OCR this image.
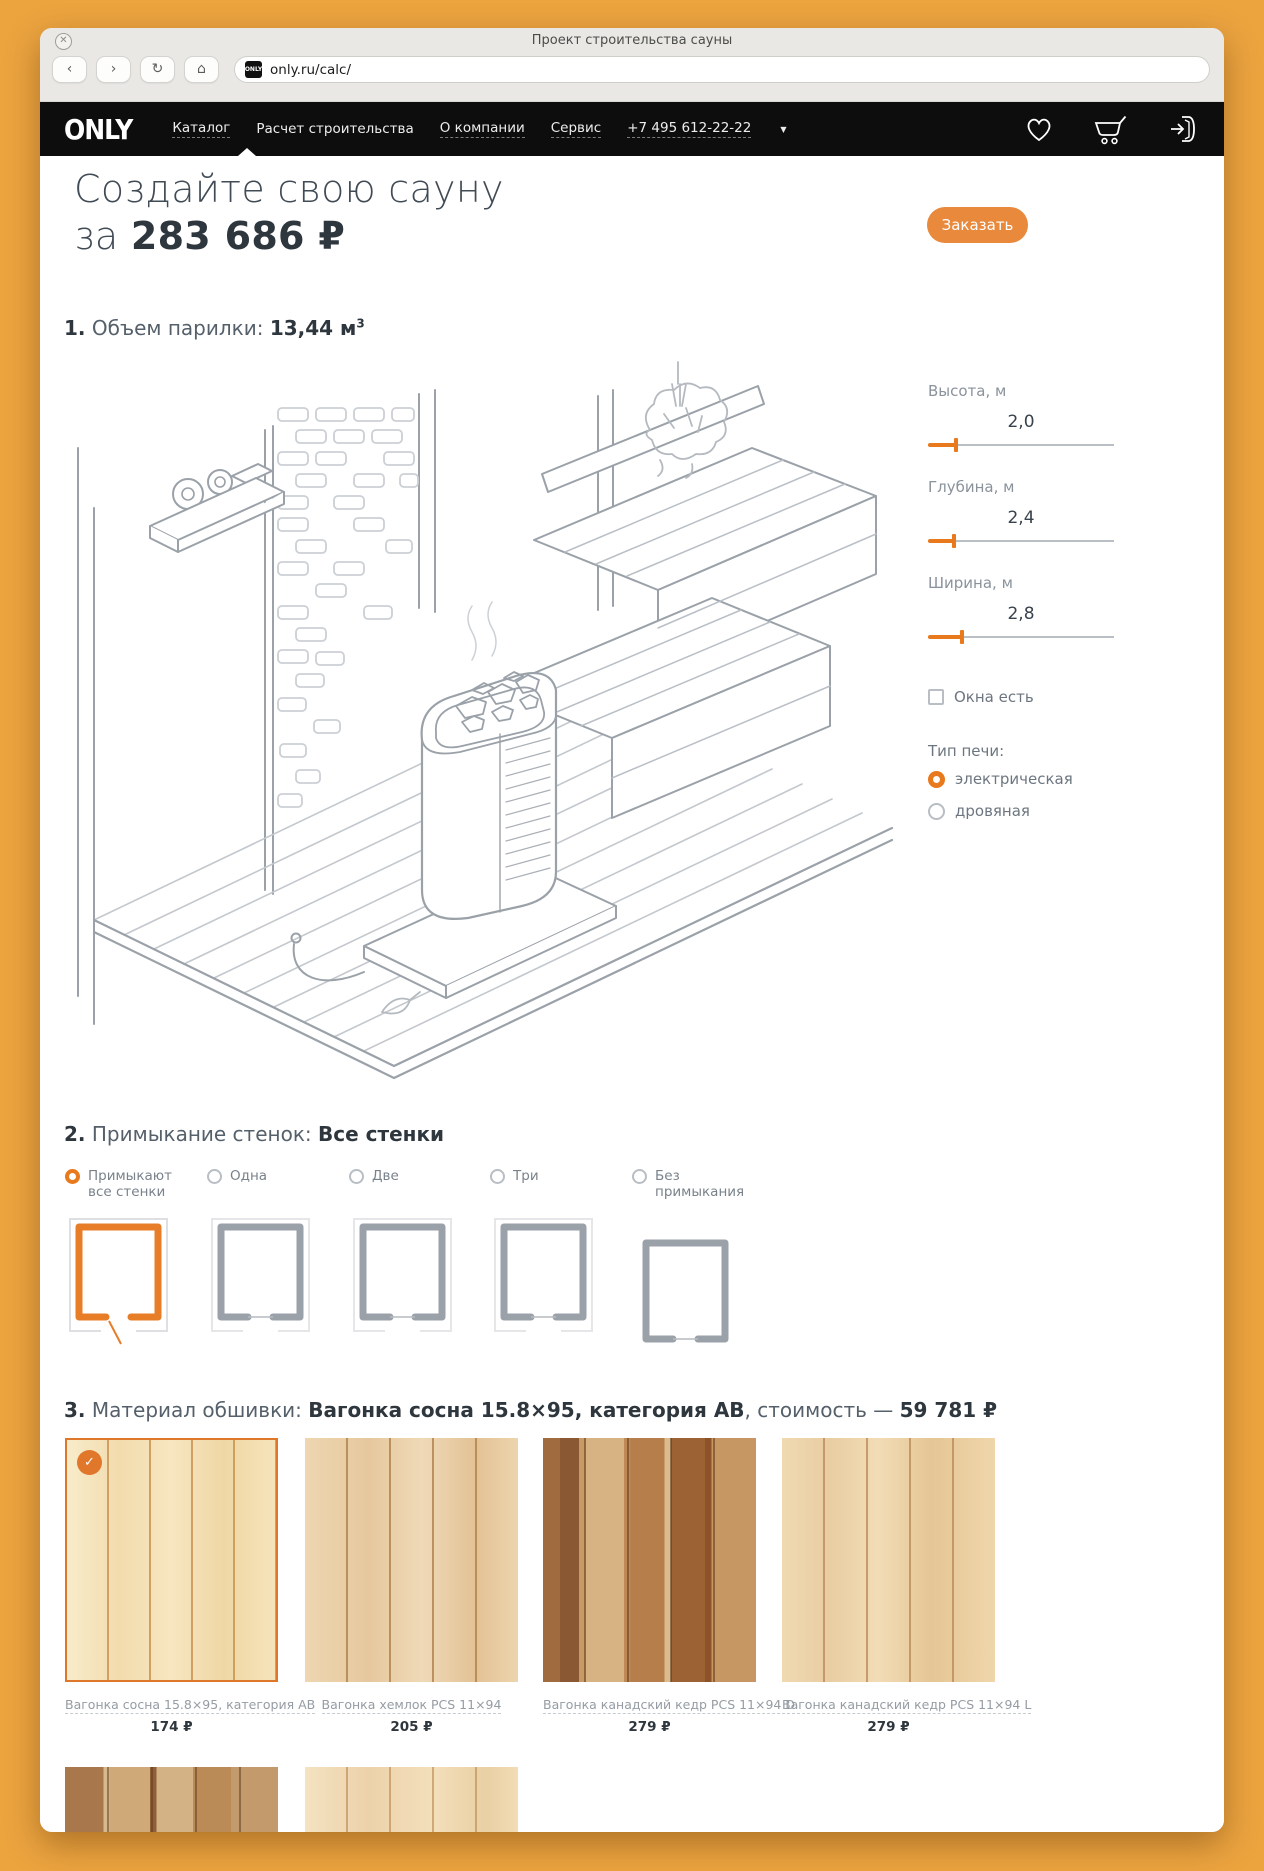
✕	Проект строительства сауны
‹	›	↻	⌂	ONLY only.ru/calc/
ONLY	Каталог Расчет строительства О компании Сервис +7 495 612-22-22	▼
Создайте свою сауну
за 283 686 ₽	Заказать
1. Объем парилки: 13,44 $м^3$
Высота, м
2,0
Глубина, м
2,4
Ширина, м
2,8
Окна есть
Тип печи:
электрическая
дровяная
2. Примыкание стенок: Все стенки
Примыкают все стенки
Одна	Две	Три	Без примыкания
3. Материал обшивки: Вагонка сосна 15.8×95, категория АВ, стоимость — 59 781 ₽
✓
Вагонка сосна 15.8×95, категория АВ
174 ₽
Вагонка хемлок PCS 11×94
205 ₽
Вагонка канадский кедр PCS 11×94 D
279 ₽
Вагонка канадский кедр PCS 11×94 L
279 ₽
